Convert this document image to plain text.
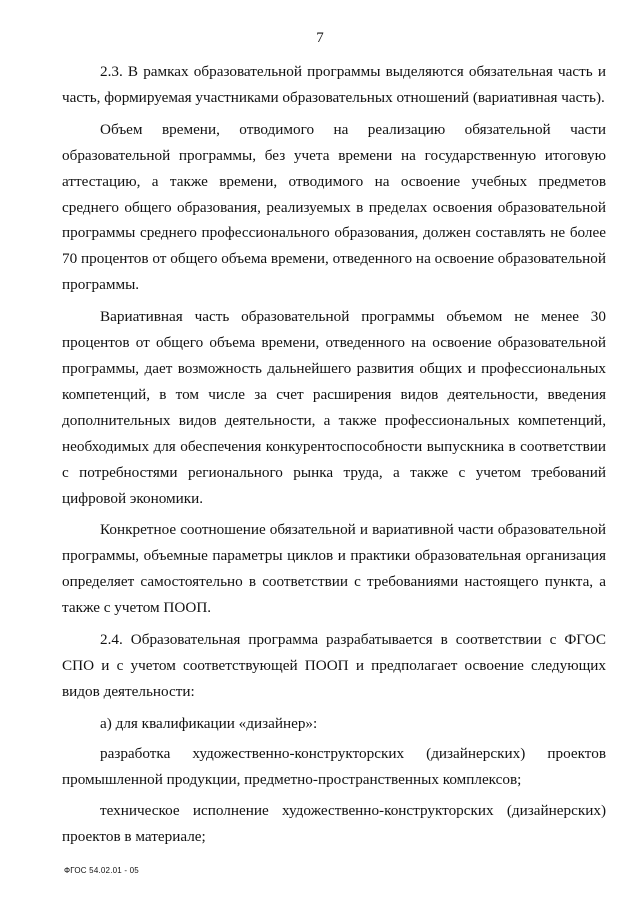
7

2.3. В рамках образовательной программы выделяются обязательная часть и часть, формируемая участниками образовательных отношений (вариативная часть).

Объем времени, отводимого на реализацию обязательной части образовательной программы, без учета времени на государственную итоговую аттестацию, а также времени, отводимого на освоение учебных предметов среднего общего образования, реализуемых в пределах освоения образовательной программы среднего профессионального образования, должен составлять не более 70 процентов от общего объема времени, отведенного на освоение образовательной программы.

Вариативная часть образовательной программы объемом не менее 30 процентов от общего объема времени, отведенного на освоение образовательной программы, дает возможность дальнейшего развития общих и профессиональных компетенций, в том числе за счет расширения видов деятельности, введения дополнительных видов деятельности, а также профессиональных компетенций, необходимых для обеспечения конкурентоспособности выпускника в соответствии с потребностями регионального рынка труда, а также с учетом требований цифровой экономики.

Конкретное соотношение обязательной и вариативной части образовательной программы, объемные параметры циклов и практики образовательная организация определяет самостоятельно в соответствии с требованиями настоящего пункта, а также с учетом ПООП.

2.4. Образовательная программа разрабатывается в соответствии с ФГОС СПО и с учетом соответствующей ПООП и предполагает освоение следующих видов деятельности:

а) для квалификации «дизайнер»:

разработка художественно-конструкторских (дизайнерских) проектов промышленной продукции, предметно-пространственных комплексов;

техническое исполнение художественно-конструкторских (дизайнерских) проектов в материале;

ФГОС 54.02.01 - 05
